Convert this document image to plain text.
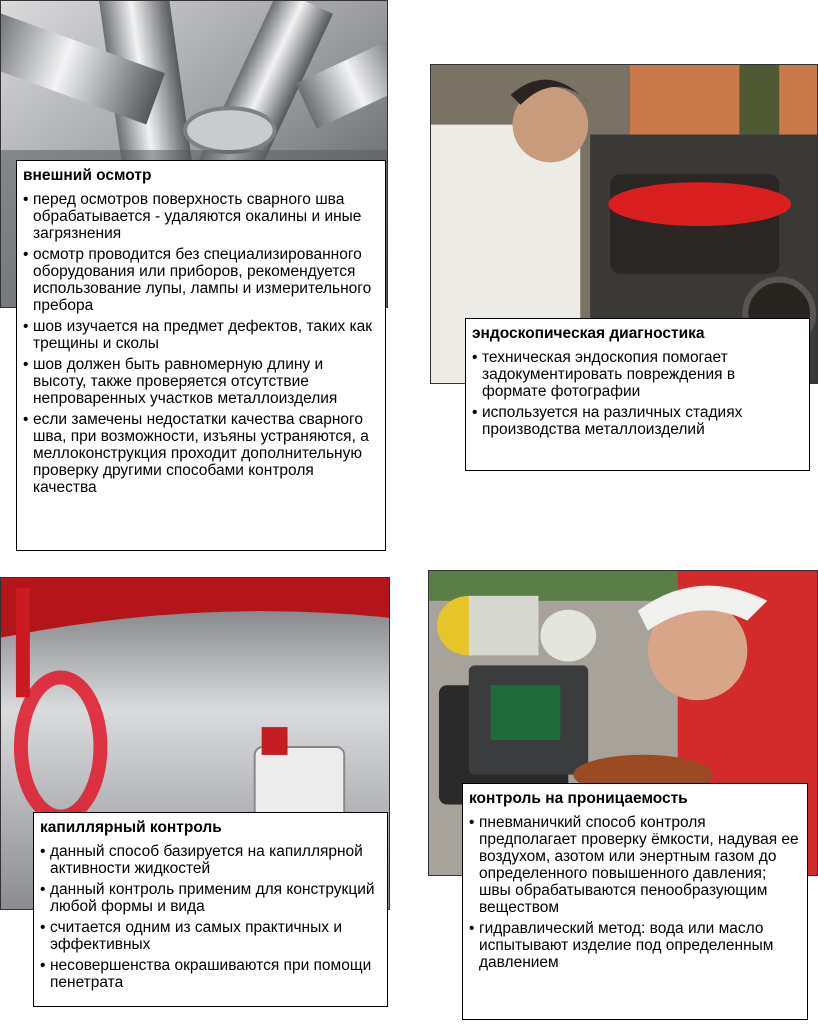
внешний осмотр
• перед осмотров поверхность сварного шва обрабатывается - удаляются окалины и иные загрязнения
• осмотр проводится без специализированного оборудования или приборов, рекомендуется использование лупы, лампы и измерительного пребора
• шов изучается на предмет дефектов, таких как трещины и сколы
• шов должен быть равномерную длину и высоту, также проверяется отсутствие непроваренных участков металлоизделия
• если замечены недостатки качества сварного шва, при возможности, изъяны устраняются, а меллоконструкция проходит дополнительную проверку другими способами контроля качества
эндоскопическая диагностика
• техническая эндоскопия помогает задокументировать повреждения в формате фотографии
• используется на различных стадиях производства металлоизделий
капиллярный контроль
• данный способ базируется на капиллярной активности жидкостей
• данный контроль применим для конструкций любой формы и вида
• считается одним из самых практичных и эффективных
• несовершенства окрашиваются при помощи пенетрата
контроль на проницаемость
• пневманичкий способ контроля предполагает проверку ёмкости, надувая ее воздухом, азотом или энертным газом до определенного повышенного давления; швы обрабатываются пенообразующим веществом
• гидравлический метод: вода или масло испытывают изделие под определенным давлением
